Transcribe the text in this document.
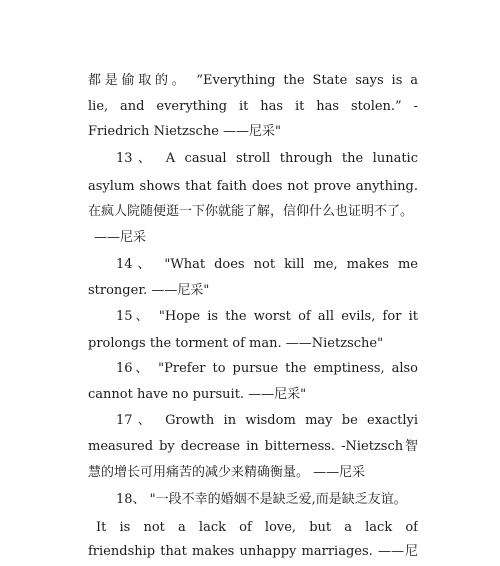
都是偷取的。 ”Everything the State says is a
lie, and everything it has it has stolen.” -
Friedrich Nietzsche ——尼采"
13、 A casual stroll through the lunatic
asylum shows that faith does not prove anything.
在疯人院随便逛一下你就能了解，信仰什么也证明不了。
——尼采
14、 "What does not kill me, makes me
stronger. ——尼采"
15、 "Hope is the worst of all evils, for it
prolongs the torment of man. ——Nietzsche"
16、 "Prefer to pursue the emptiness, also
cannot have no pursuit. ——尼采"
17、 Growth in wisdom may be exactlyi
measured by decrease in bitterness. -Nietzsch智
慧的增长可用痛苦的减少来精确衡量。 ——尼采
18、 "一段不幸的婚姻不是缺乏爱,而是缺乏友谊。
It is not a lack of love, but a lack of
friendship that makes unhappy marriages. ——尼
